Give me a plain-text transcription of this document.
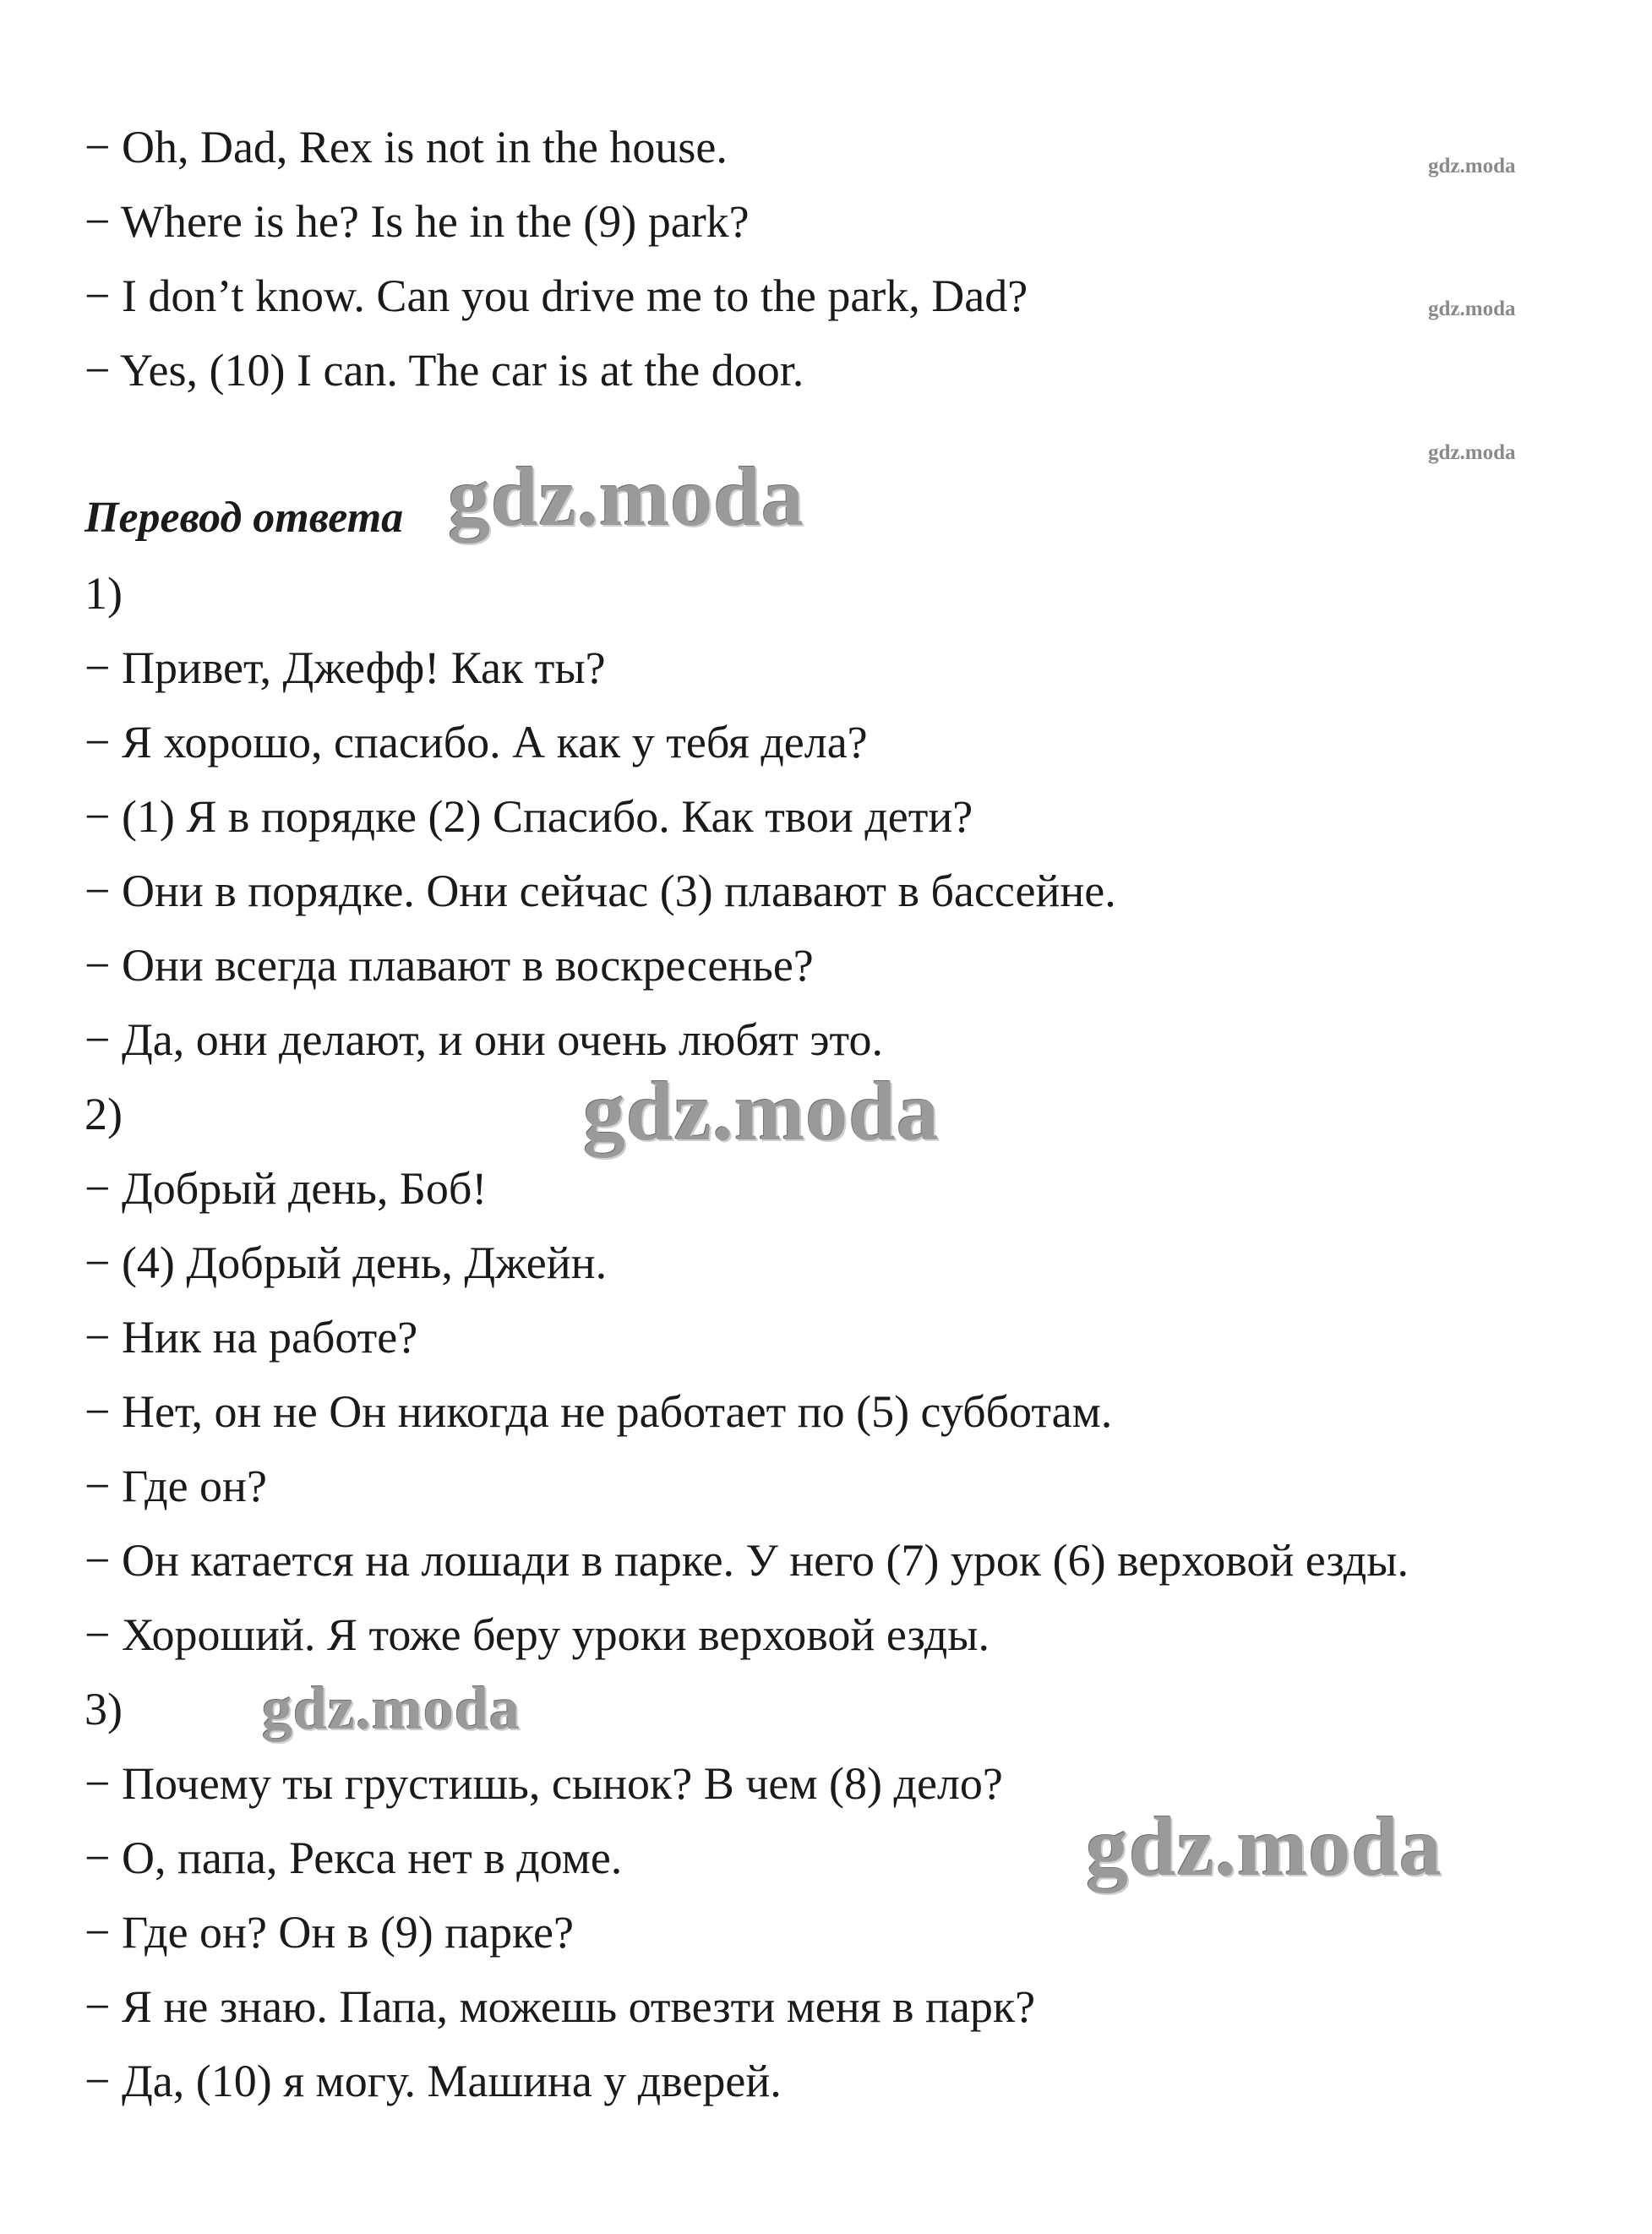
− Oh, Dad, Rex is not in the house.
− Where is he? Is he in the (9) park?
− I don’t know. Can you drive me to the park, Dad?
− Yes, (10) I can. The car is at the door.
gdz.moda
gdz.moda
gdz.moda
Перевод ответа gdz.moda
1)
− Привет, Джефф! Как ты?
− Я хорошо, спасибо. А как у тебя дела?
− (1) Я в порядке (2) Спасибо. Как твои дети?
− Они в порядке. Они сейчас (3) плавают в бассейне.
− Они всегда плавают в воскресенье?
− Да, они делают, и они очень любят это.
2)	gdz.moda
− Добрый день, Боб!
− (4) Добрый день, Джейн.
− Ник на работе?
− Нет, он не Он никогда не работает по (5) субботам.
− Где он?
− Он катается на лошади в парке. У него (7) урок (6) верховой езды.
− Хороший. Я тоже беру уроки верховой езды.
3) gdz.moda
− Почему ты грустишь, сынок? В чем (8) дело?
− О, папа, Рекса нет в доме.	gdz.moda
− Где он? Он в (9) парке?
− Я не знаю. Папа, можешь отвезти меня в парк?
− Да, (10) я могу. Машина у дверей.
